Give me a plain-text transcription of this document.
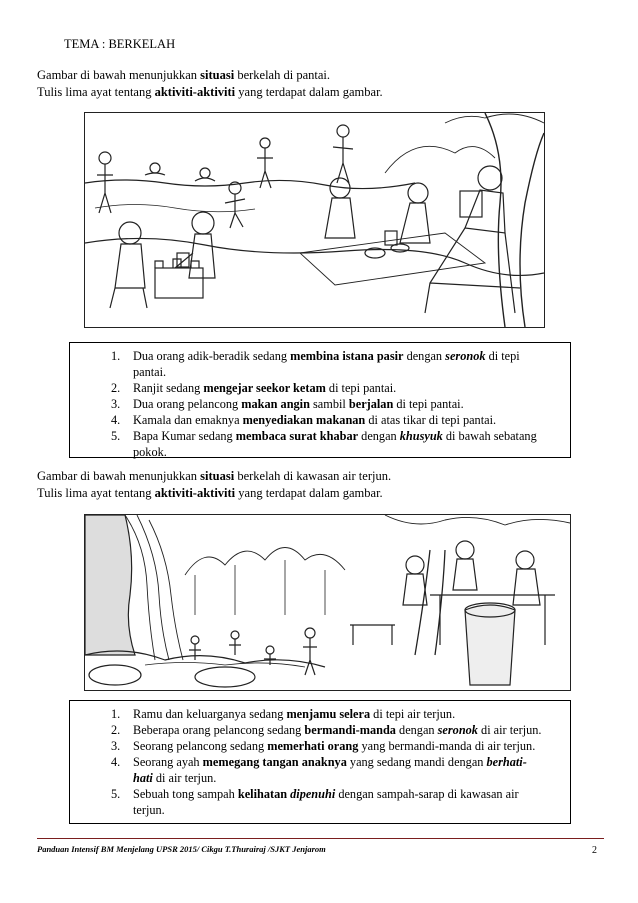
TEMA : BERKELAH
Gambar di bawah menunjukkan situasi berkelah di pantai.
Tulis lima ayat tentang aktiviti-aktiviti yang terdapat dalam gambar.
1. Dua orang adik-beradik sedang membina istana pasir dengan seronok di tepi
pantai.
2. Ranjit sedang mengejar seekor ketam di tepi pantai.
3. Dua orang pelancong makan angin sambil berjalan di tepi pantai.
4. Kamala dan emaknya menyediakan makanan di atas tikar di tepi pantai.
5. Bapa Kumar sedang membaca surat khabar dengan khusyuk di bawah sebatang
pokok.
Gambar di bawah menunjukkan situasi berkelah di kawasan air terjun.
Tulis lima ayat tentang aktiviti-aktiviti yang terdapat dalam gambar.
1. Ramu dan keluarganya sedang menjamu selera di tepi air terjun.
2. Beberapa orang pelancong sedang bermandi-manda dengan seronok di air terjun.
3. Seorang pelancong sedang memerhati orang yang bermandi-manda di air terjun.
4. Seorang ayah memegang tangan anaknya yang sedang mandi dengan berhati-
hati di air terjun.
5. Sebuah tong sampah kelihatan dipenuhi dengan sampah-sarap di kawasan air
terjun.
Panduan Intensif BM Menjelang UPSR 2015/ Cikgu T.Thurairaj /SJKT Jenjarom	2
